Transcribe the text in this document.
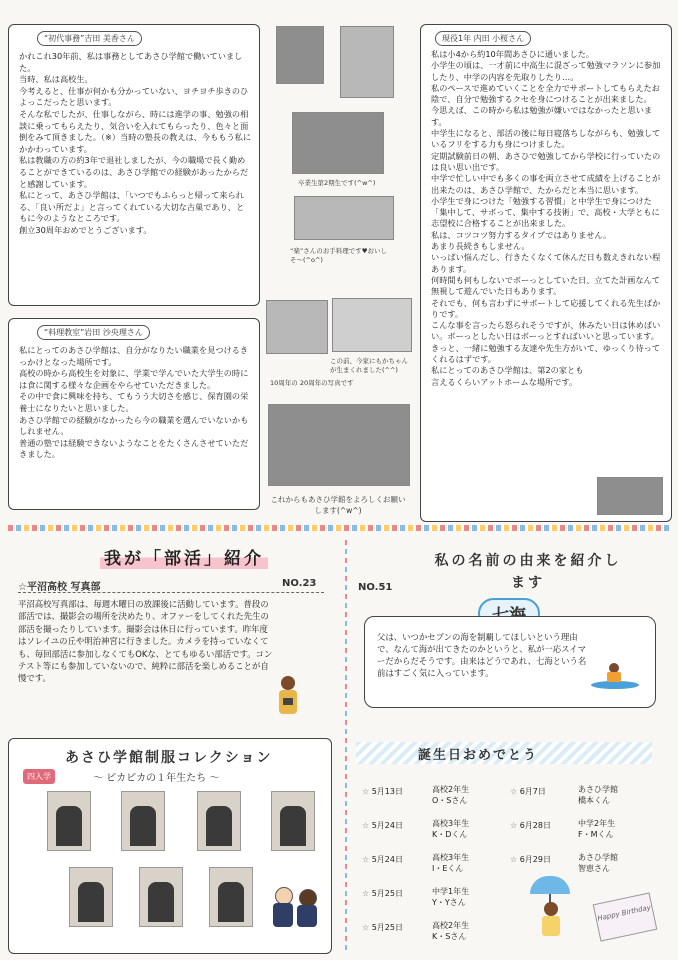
“初代事務”吉田 美香さん

かれこれ30年前、私は事務としてあさひ学館で働いていました。

当時、私は高校生。

今考えると、仕事が何かも分かっていない、ヨチヨチ歩きのひよっこだったと思います。

そんな私でしたが、仕事しながら、時には進学の事、勉強の相談に乗ってもらえたり、気合いを入れてもらったり、色々と面倒をみて頂きました。（※）当時の塾長の教えは、今ももう私にかかわっています。

私は教職の方の約3年で退社しましたが、今の職場で長く勤めることができているのは、あさひ学館での経験があったからだと感謝しています。

私にとって、あさひ学館は、「いつでもふらっと帰って来られる、「良い所だよ」と言ってくれている大切な古巣であり、ともに今のようなところです。

創立30周年おめでとうございます。

“料理教室”岩田 沙央理さん

私にとってのあさひ学館は、自分がなりたい職業を見つけるきっかけとなった場所です。

高校の時から高校生を対象に、学業で学んでいた大学生の時には食に関する様々な企画をやらせていただきました。

その中で食に興味を持ち、てもうう大切さを感じ、保育園の栄養士になりたいと思いました。

あさひ学館での経験がなかったら今の職業を選んでいないかもしれません。

普通の塾では経験できないようなことをたくさんさせていただきました。

卒業生第2期生です(^w^)
“楽”さんのお手料理です♥おいしそ〜(^o^)
この前、今家にもかちゃんが生まくれました(^^)
10周年の 20周年の写真です
これからもあさひ学館をよろしくお願いします(^w^)
現役1年 内田 小桜さん

私は小4から約10年間あさひに通いました。

小学生の頃は、一才前に中高生に混ざって勉強マラソンに参加したり、中学の内容を先取りしたり…。

私のペースで進めていくことを全力でサポートしてもらえたお陰で、自分で勉強するクセを身につけることが出来ました。

今思えば、この時から私は勉強が嫌いではなかったと思います。

中学生になると、部活の後に毎日寝落ちしながらも、勉強しているフリをする力も身につけました。

定期試験前日の朝、あさひで勉強してから学校に行っていたのは良い思い出です。

中学で忙しい中でも多くの事を両立させて成績を上げることが出来たのは、あさひ学館で、たからだと本当に思います。

小学生で身につけた「勉強する習慣」と中学生で身につけた「集中して、サボって、集中する技術」で、高校・大学ともに志望校に合格することが出来ました。

私は、コツコツ努力するタイプではありません。

あまり長続きもしません。

いっぱい悩んだし、行きたくなくて休んだ日も数えきれない程あります。

何時間も何もしないでボーっとしていた日、立てた計画なんて無視して遊んでいた日もあります。

それでも、何も言わずにサポートして応援してくれる先生ばかりです。

こんな事を言ったら怒られそうですが、休みたい日は休めばいい。ボーっとしたい日はボーっとすればいいと思っています。

きっと、一緒に勉強する友達や先生方がいて、ゆっくり待ってくれるはずです。

私にとってのあさひ学館は、第2の家とも言えるくらいアットホームな場所です。

我が「部活」紹介
☆平沼高校 写真部	NO.23
平沼高校写真部は、毎週木曜日の放課後に活動しています。普段の部活では、撮影会の場所を決めたり、オファーをしてくれた先生の部活を撮ったりしています。撮影会は休日に行っています。昨年度はソレイユの丘や明治神宮に行きました。カメラを持っていなくても、毎回部活に参加しなくてもOKな、とてもゆるい部活です。コンテスト等にも参加していないので、純粋に部活を楽しめることが自慢です。
あさひ学館制服コレクション
〜 ピカピカの１年生たち 〜
四入学
私の名前の由来を紹介します
NO.51
父は、いつかセブンの海を制覇してほしいという理由で、なんて海が出てきたのかというと、私が一応スイマーだからだそうです。由来はどうであれ、七海という名前はすごく気に入っています。
誕生日おめでとう
☆ 5月13日	高校2年生
O・Sさん
☆ 5月24日	高校3年生
K・Dくん
☆ 5月24日	高校3年生
I・Eくん
☆ 5月25日	中学1年生
Y・Yさん
☆ 5月25日	高校2年生
K・Sさん
☆ 6月7日	あさひ学館
橋本くん
☆ 6月28日	中学2年生
F・Mくん
☆ 6月29日	あさひ学館
智恵さん
Happy Birthday
